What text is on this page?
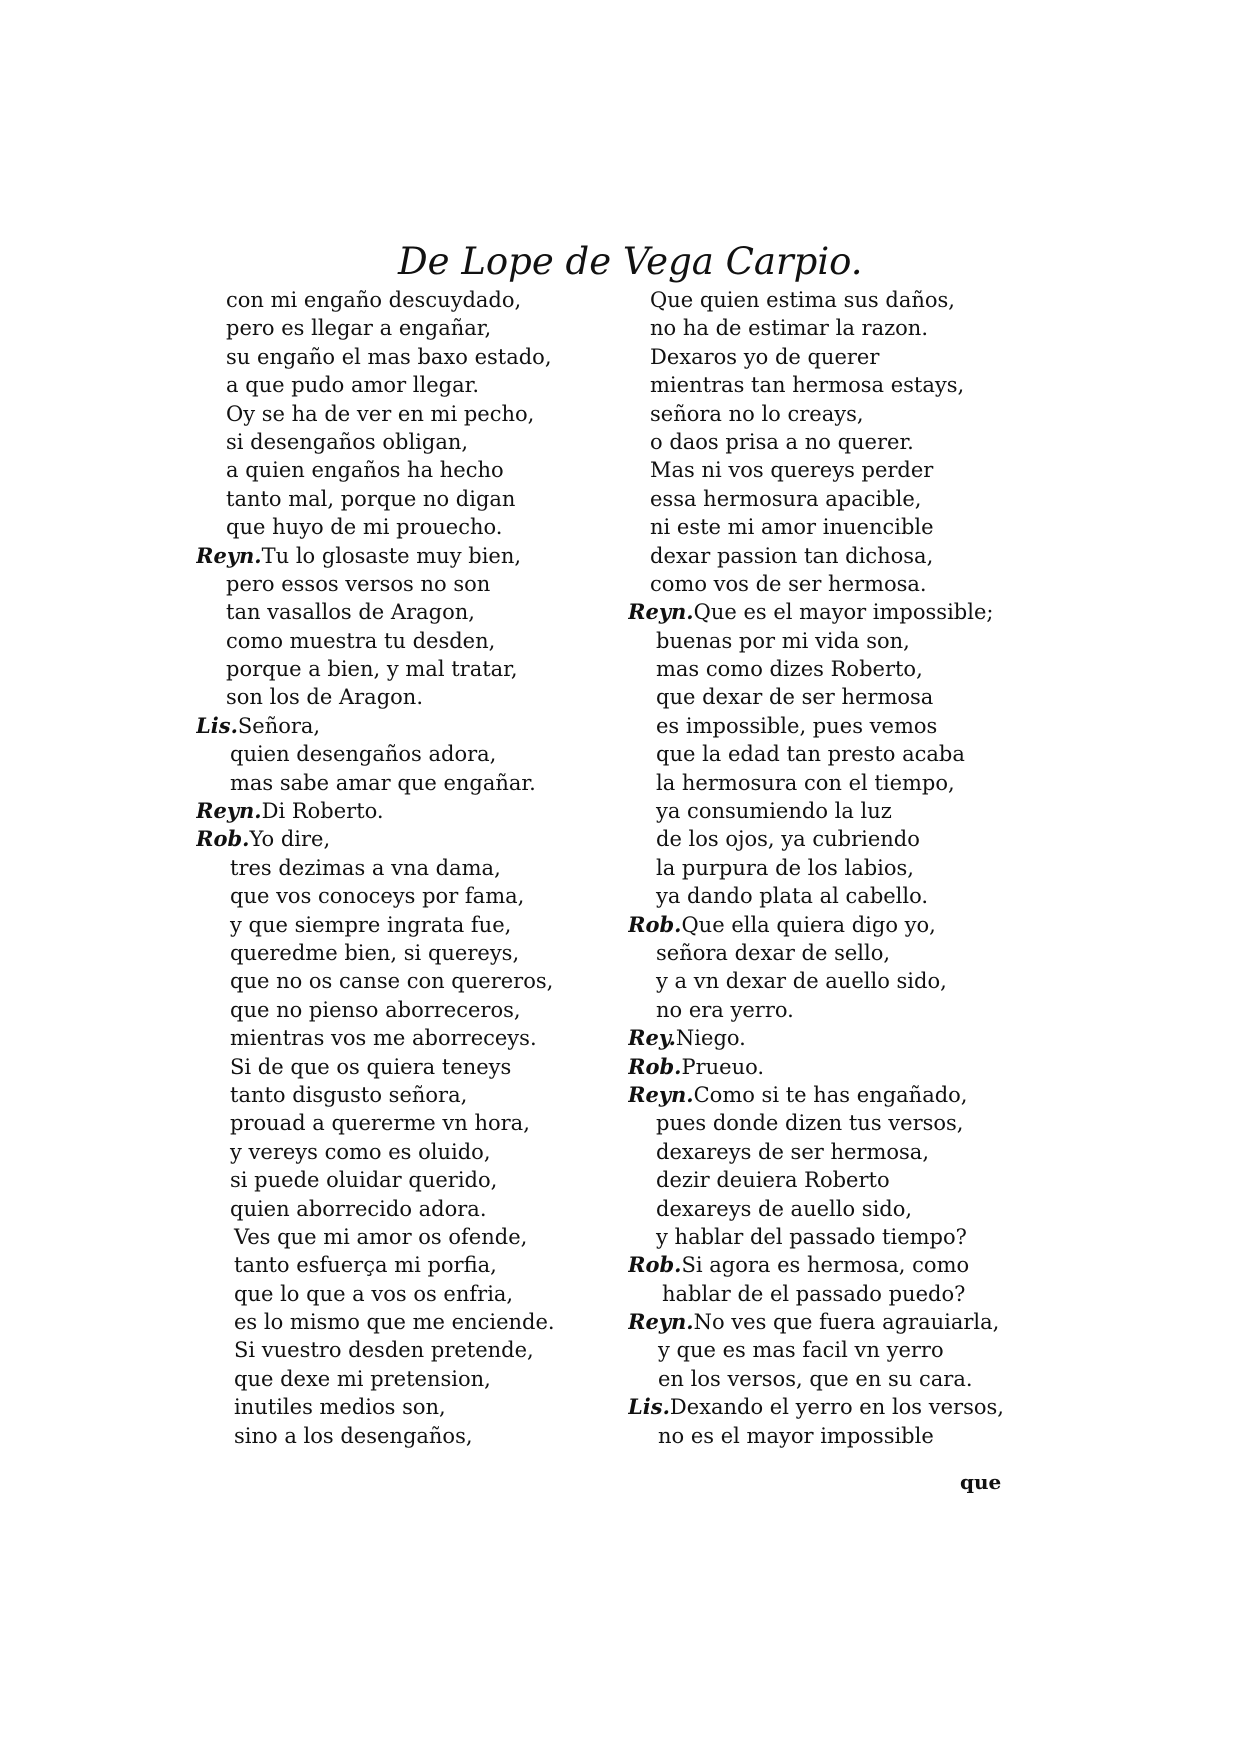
De Lope de Vega Carpio.
con mi engaño descuydado,
pero es llegar a engañar,
su engaño el mas baxo estado,
a que pudo amor llegar.
Oy se ha de ver en mi pecho,
si desengaños obligan,
a quien engaños ha hecho
tanto mal, porque no digan
que huyo de mi prouecho.
Reyn.Tu lo glosaste muy bien,
pero essos versos no son
tan vasallos de Aragon,
como muestra tu desden,
porque a bien, y mal tratar,
son los de Aragon.
Lis.Señora,
quien desengaños adora,
mas sabe amar que engañar.
Reyn.Di Roberto.
Rob.Yo dire,
tres dezimas a vna dama,
que vos conoceys por fama,
y que siempre ingrata fue,
queredme bien, si quereys,
que no os canse con quereros,
que no pienso aborreceros,
mientras vos me aborreceys.
Si de que os quiera teneys
tanto disgusto señora,
prouad a quererme vn hora,
y vereys como es oluido,
si puede oluidar querido,
quien aborrecido adora.
Ves que mi amor os ofende,
tanto esfuerça mi porfia,
que lo que a vos os enfria,
es lo mismo que me enciende.
Si vuestro desden pretende,
que dexe mi pretension,
inutiles medios son,
sino a los desengaños,
Que quien estima sus daños,
no ha de estimar la razon.
Dexaros yo de querer
mientras tan hermosa estays,
señora no lo creays,
o daos prisa a no querer.
Mas ni vos quereys perder
essa hermosura apacible,
ni este mi amor inuencible
dexar passion tan dichosa,
como vos de ser hermosa.
Reyn.Que es el mayor impossible;
buenas por mi vida son,
mas como dizes Roberto,
que dexar de ser hermosa
es impossible, pues vemos
que la edad tan presto acaba
la hermosura con el tiempo,
ya consumiendo la luz
de los ojos, ya cubriendo
la purpura de los labios,
ya dando plata al cabello.
Rob.Que ella quiera digo yo,
señora dexar de sello,
y a vn dexar de auello sido,
no era yerro.
Rey.Niego.
Rob.Prueuo.
Reyn.Como si te has engañado,
pues donde dizen tus versos,
dexareys de ser hermosa,
dezir deuiera Roberto
dexareys de auello sido,
y hablar del passado tiempo?
Rob.Si agora es hermosa, como
hablar de el passado puedo?
Reyn.No ves que fuera agrauiarla,
y que es mas facil vn yerro
en los versos, que en su cara.
Lis.Dexando el yerro en los versos,
no es el mayor impossible
que
